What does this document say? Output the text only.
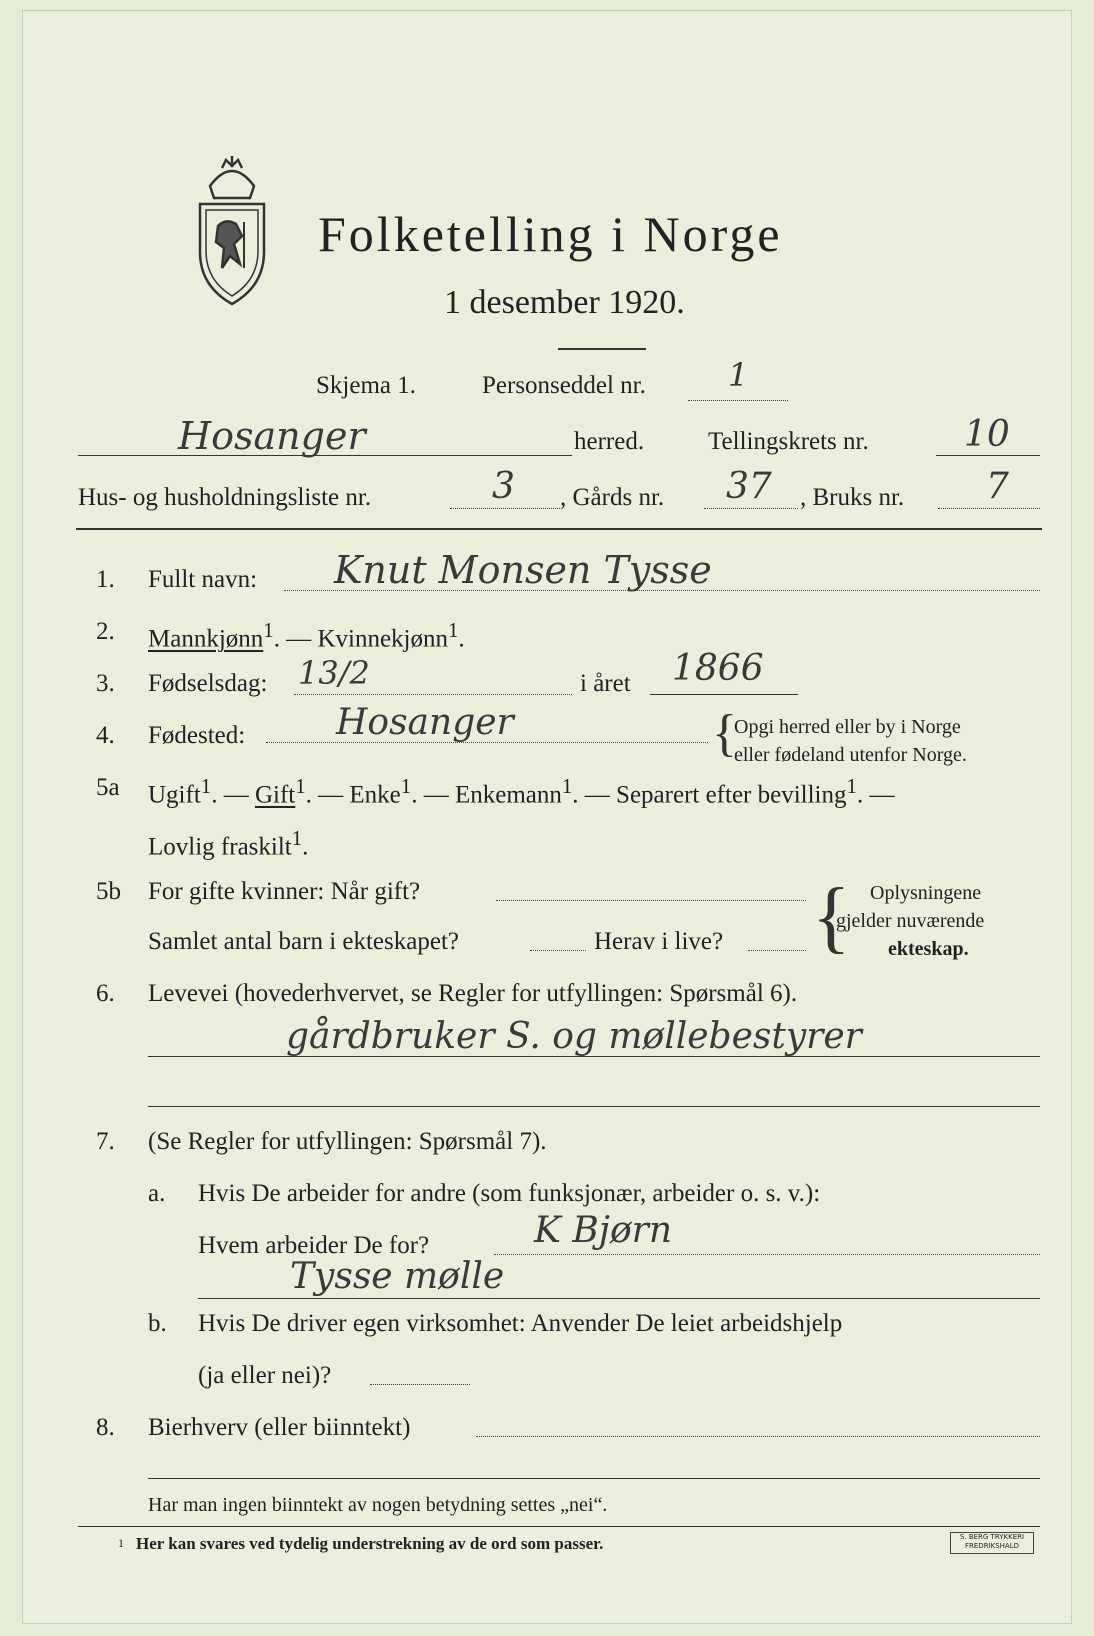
Folketelling i Norge
1 desember 1920.
Skjema 1.	Personseddel nr.	1
Hosanger	herred.	Tellingskrets nr.	10
Hus- og husholdningsliste nr.	3 , Gårds nr. 37 , Bruks nr. 7
1. Fullt navn: Knut Monsen Tysse
2. Mannkjønn$^1$. — Kvinnekjønn$^1$.
3. Fødselsdag: 13/2	i året 1866
4. Fødested:	Hosanger	{
Opgi herred eller by i Norge
eller fødeland utenfor Norge.
5a Ugift$^1$. — Gift$^1$. — Enke$^1$. — Enkemann$^1$. — Separert efter bevilling$^1$. —
Lovlig fraskilt$^1$.
5b For gifte kvinner: Når gift?
Samlet antal barn i ekteskapet?	Herav i live? { Oplysningene
gjelder nuværende
ekteskap.
6. Levevei (hovederhvervet, se Regler for utfyllingen: Spørsmål 6).
gårdbruker S. og møllebestyrer
7. (Se Regler for utfyllingen: Spørsmål 7).
a. Hvis De arbeider for andre (som funksjonær, arbeider o. s. v.):
Hvem arbeider De for?	K Bjørn
Tysse mølle
b. Hvis De driver egen virksomhet: Anvender De leiet arbeidshjelp
(ja eller nei)?
8. Bierhverv (eller biinntekt)
Har man ingen biinntekt av nogen betydning settes „nei“.
1 Her kan svares ved tydelig understrekning av de ord som passer.	S. BERG TRYKKERI
FREDRIKSHALD
